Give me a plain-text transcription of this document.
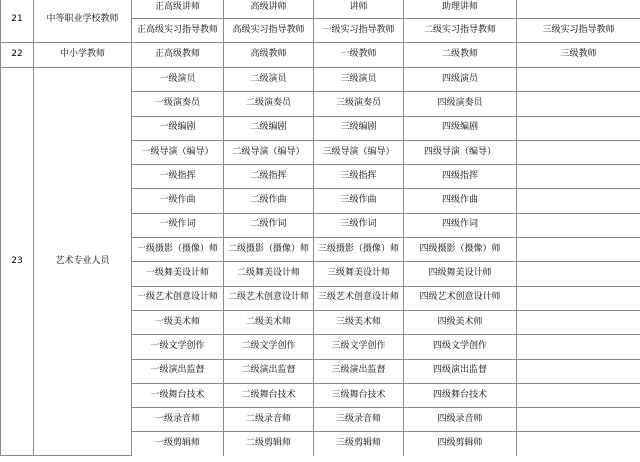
21	中等职业学校教师	正高级讲师	高级讲师	讲师	助理讲师	
		正高级实习指导教师	高级实习指导教师	一级实习指导教师	二级实习指导教师	三级实习指导教师
22	中小学教师	正高级教师	高级教师	一级教师	二级教师	三级教师
23	艺术专业人员	一级演员	二级演员	三级演员	四级演员	
		一级演奏员	二级演奏员	三级演奏员	四级演奏员	
		一级编剧	二级编剧	三级编剧	四级编剧	
		一级导演（编导）	二级导演（编导）	三级导演（编导）	四级导演（编导）	
		一级指挥	二级指挥	三级指挥	四级指挥	
		一级作曲	二级作曲	三级作曲	四级作曲	
		一级作词	二级作词	三级作词	四级作词	
		一级摄影（摄像）师	二级摄影（摄像）师	三级摄影（摄像）师	四级摄影（摄像）师	
		一级舞美设计师	二级舞美设计师	三级舞美设计师	四级舞美设计师	
		一级艺术创意设计师	二级艺术创意设计师	三级艺术创意设计师	四级艺术创意设计师	
		一级美术师	二级美术师	三级美术师	四级美术师	
		一级文学创作	二级文学创作	三级文学创作	四级文学创作	
		一级演出监督	二级演出监督	三级演出监督	四级演出监督	
		一级舞台技术	二级舞台技术	三级舞台技术	四级舞台技术	
		一级录音师	二级录音师	三级录音师	四级录音师	
		一级剪辑师	二级剪辑师	三级剪辑师	四级剪辑师	
